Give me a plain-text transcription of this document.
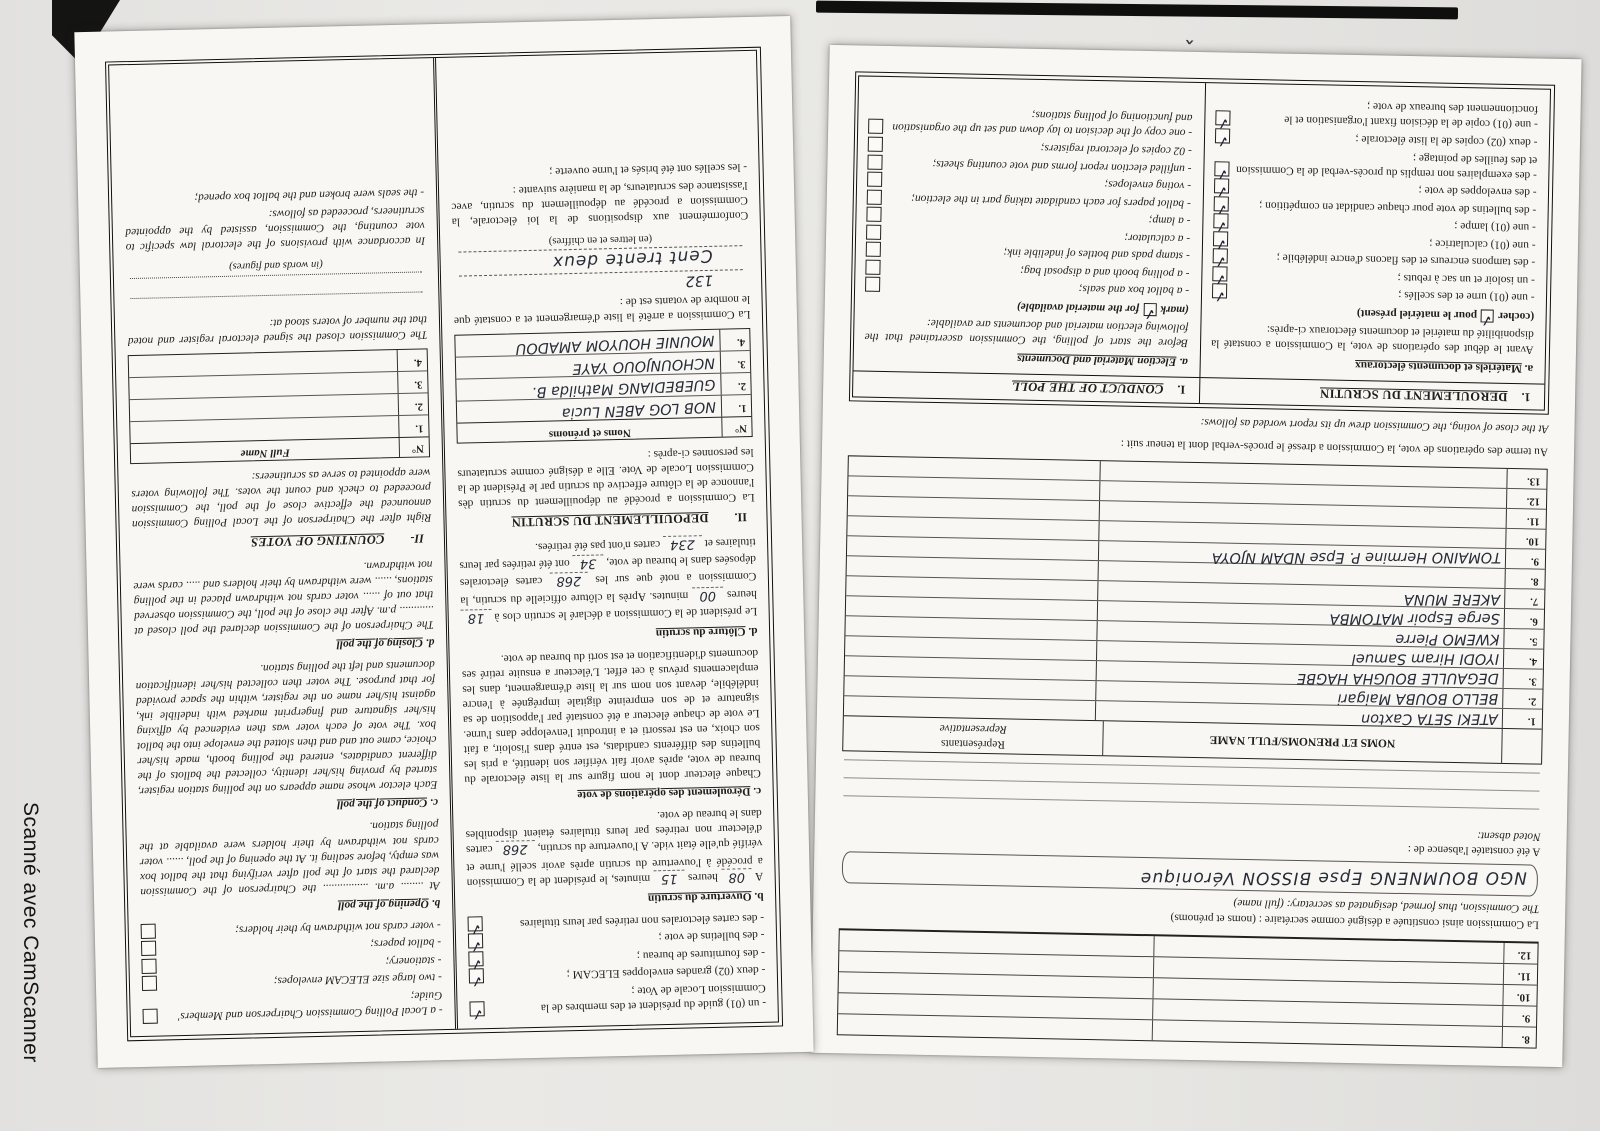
Scanné avec CamScanner
›
›	8.
9.
10.
11.
12.

La Commission ainsi constituée a désigné comme secrétaire : (noms et prénoms)

The Commission, thus formed, designated as secretary: (full name)

NGO BOUMNENG Epse BISSON Véronique

A été constatée l'absence de :

Noted absent:

NOMS ET PRENOMS/FULL NAME
Représentants
Representative
1.
ATEKI SETA Caxton
2.
BELLO BOUBA Maigari
3.
DEGAULLE BOUGHA HAGBE
4.
IYODI Hiram Samuel
5.
KWEMO Pierre
6.
Serge Espoir MATOMBA
7.
AKERE MUNA
8.
9.
TOMAINO Hermine P. Epse NDAM NJOYA
10.
11.
12.
13.

Au terme des opérations de vote, la Commission a dressé le procès-verbal dont la teneur suit :

At the close of voting, the Commission drew up its report worded as follows:

1.
DEROULEMENT DU SCRUTIN
I.
CONDUCT OF THE POLL

a. Matériels et documents électoraux

Avant le début des opérations de vote, la Commission a constaté la disponibilité du matériel et documents électoraux ci-après:

(cocher✓pour le matériel présent)

- une (01) urne et des scellés ;
✓
- un isoloir et un sac à rebuts ;
✓
- des tampons encreurs et des flacons d'encre indélébile ;
✓
- une (01) calculatrice ;
✓
- une (01) lampe ;
✓
- des bulletins de vote pour chaque candidat en compétition ;
✓
- des enveloppes de vote ;
✓
- des exemplaires non remplis du procès-verbal de la Commission et des feuilles de pointage ;
✓
- deux (02) copies de la liste électorale ;
✓
- une (01) copie de la décision fixant l'organisation et le fonctionnement des bureaux de vote ;
✓

a. Election Material and Documents

Before the start of polling, the Commission ascertained that the following election material and documents are available:

(mark✓for the material available)

- a ballot box and seals;
- a polling booth and a disposal bag;
- stamp pads and bottles of indelible ink;
- a calculator;
- a lamp;
- ballot papers for each candidate taking part in the election;
- voting envelopes;
- unfilled election report forms and vote counting sheets;
- 02 copies of electoral registers;
- one copy of the decision to lay down and set up the organisation and functioning of polling stations;
- un (01) guide du président et des membres de la Commission Locale de Vote ;
✓
- deux (02) grandes enveloppes ELECAM ;
✓
- des fournitures de bureau ;
✓
- des bulletins de vote ;
✓
- des cartes électorales non retirées par leurs titulaires
✓

b. Ouverture du scrutin

A 08 heures 15 minutes, le président de la Commission a procédé à l'ouverture du scrutin après avoir scellé l'urne et vérifié qu'elle était vide. A l'ouverture du scrutin, 268 cartes d'électeur non retirées par leurs titulaires étaient disponibles dans le bureau de vote.

c. Déroulement des opérations de vote

Chaque électeur dont le nom figure sur la liste électorale du bureau de vote, après avoir fait vérifier son identité, a pris les bulletins des différents candidats, est entré dans l'isoloir, a fait son choix, en est ressorti et a introduit l'enveloppe dans l'urne. Le vote de chaque électeur a été constaté par l'apposition de sa signature et de son empreinte digitale imprégnée à l'encre indélébile, devant son nom sur la liste d'émargement, dans les emplacements prévus à cet effet. L'électeur a ensuite retiré ses documents d'identification et est sorti du bureau de vote.

d. Clôture du scrutin

Le président de la Commission a déclaré le scrutin clos à 18 heures 00 minutes. Après la clôture officielle du scrutin, la Commission a noté que sur les 268 cartes électorales déposées dans le bureau de vote, 34 ont été retirées par leurs titulaires et 234 cartes n'ont pas été retirées.

II.
DEPOUILLEMENT DU SCRUTIN

La Commission a procédé au dépouillement du scrutin dès l'annonce de la clôture effective du scrutin par le Président de la Commission Locale de Vote. Elle a désigné comme scrutateurs les personnes ci-après :

N°
Noms et prénoms
1.
NOB LOG ABEN Lucia
2.
GUEBEDIANG Mathilda B.
3.
NCHOUNJOUO YAYE
4.
MOUNIE HOUYOM AMADOU

La Commission a arrêté la liste d'émargement et a constaté que le nombre de votants est de :

132
Cent trente deux

(en lettres et en chiffres)

Conformément aux dispositions de la loi électorale, la Commission a procédé au dépouillement du scrutin, avec l'assistance des scrutateurs, de la manière suivante :

- les scellés ont été brisés et l'urne ouverte ;

- a Local Polling Commission Chairperson and Members' Guide;
- two large size ELECAM envelopes;
- stationery;
- ballot papers;
- voter cards not withdrawn by their holders;

b. Opening of the poll

At ........ a.m. ................ the Chairperson of the Commission declared the start of the poll after verifying that the ballot box was empty, before sealing it. At the opening of the poll, ...... voter cards not withdrawn by their holders were available at the polling station.

c. Conduct of the poll

Each elector whose name appears on the polling station register, started by proving his/her identity, collected the ballots of the different candidates, entered the polling booth, made his/her choice, came out and and then slotted the envelope into the ballot box. The vote of each voter was then evidenced by affixing his/her signature and fingerprint marked with indelible ink, against his/her name on the register, within the space provided for that purpose. The voter then collected his/her identification documents and left the polling station.

d. Closing of the poll

The Chairperson of the Commission declared the poll closed at ............ p.m. After the close of the poll, the Commission observed that out of ...... voter cards not withdrawn placed in the polling stations, ...... were withdrawn by their holders and ..... cards were not withdrawn.

II-
COUNTING OF VOTES

Right after the Chairperson of the Local Polling Commission announced the effective close of the poll, the Commission proceeded to check and count the votes. The following voters were appointed to serve as scrutineers:

N°
Full Name
1.
2.
3.
4.

The Commission closed the signed electoral register and noted that the number of voters stood at:

(in words and figures)

In accordance with provisions of the electoral law specific to vote counting, the Commission, assisted by the appointed scrutineers, proceeded as follows:

- the seals were broken and the ballot box opened;
